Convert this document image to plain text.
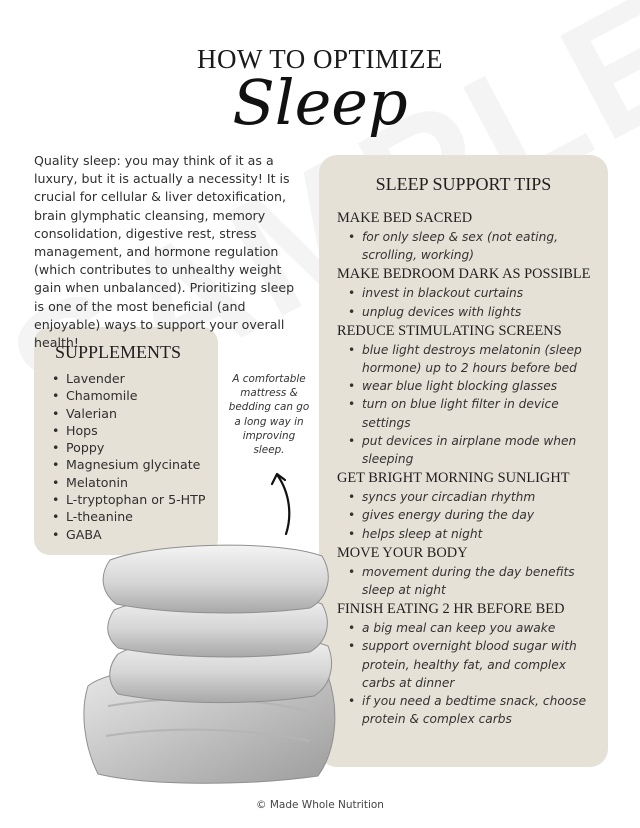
HOW TO OPTIMIZE
Sleep

Quality sleep: you may think of it as a luxury, but it is actually a necessity! It is crucial for cellular & liver detoxification, brain glymphatic cleansing, memory consolidation, digestive rest, stress management, and hormone regulation (which contributes to unhealthy weight gain when unbalanced). Prioritizing sleep is one of the most beneficial (and enjoyable) ways to support your overall health!

SLEEP SUPPORT TIPS
MAKE BED SACRED
• for only sleep & sex (not eating, scrolling, working)
MAKE BEDROOM DARK AS POSSIBLE
• invest in blackout curtains
• unplug devices with lights
REDUCE STIMULATING SCREENS
• blue light destroys melatonin (sleep hormone) up to 2 hours before bed
• wear blue light blocking glasses
• turn on blue light filter in device settings
• put devices in airplane mode when sleeping
GET BRIGHT MORNING SUNLIGHT
• syncs your circadian rhythm
• gives energy during the day
• helps sleep at night
MOVE YOUR BODY
• movement during the day benefits sleep at night
FINISH EATING 2 HR BEFORE BED
• a big meal can keep you awake
• support overnight blood sugar with protein, healthy fat, and complex carbs at dinner
• if you need a bedtime snack, choose protein & complex carbs
SUPPLEMENTS
• Lavender
• Chamomile
• Valerian
• Hops
• Poppy
• Magnesium glycinate
• Melatonin
• L-tryptophan or 5-HTP
• L-theanine
• GABA
A comfortable mattress & bedding can go a long way in improving sleep.
© Made Whole Nutrition
